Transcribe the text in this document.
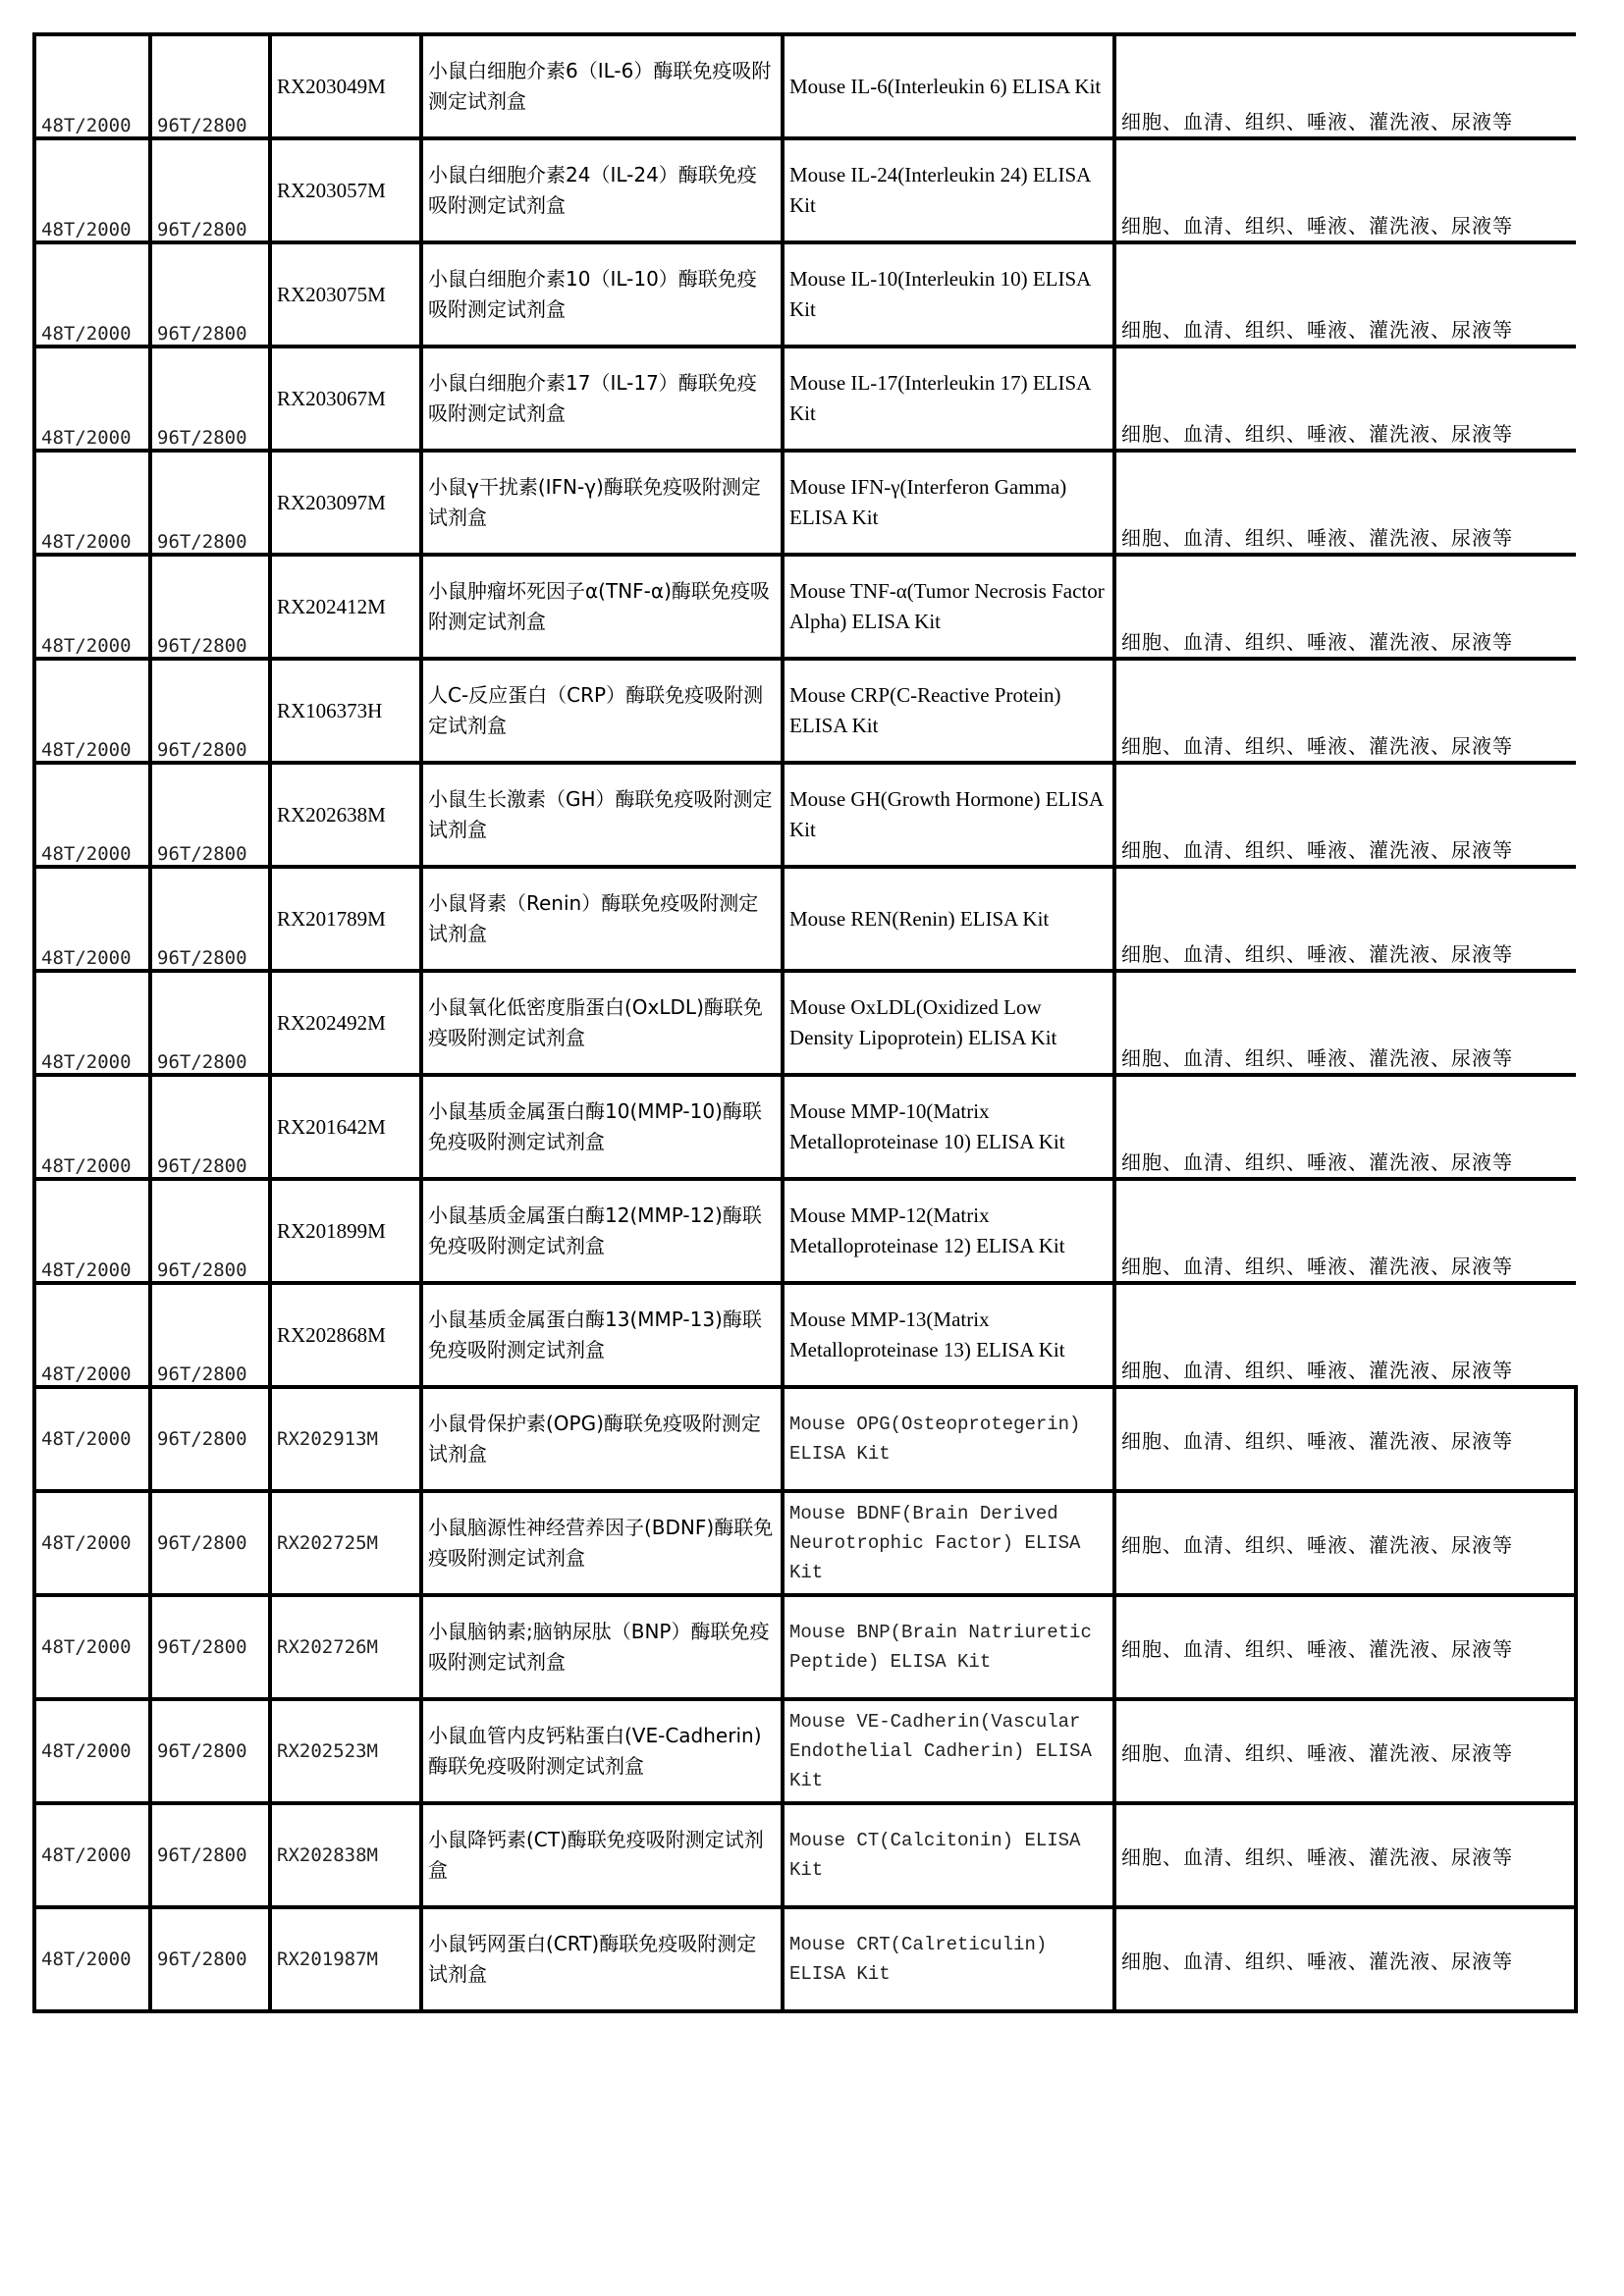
48T/2000	96T/2800	RX203049M	小鼠白细胞介素6（IL-6）酶联免疫吸附测定试剂盒	Mouse IL-6(Interleukin 6) ELISA Kit	细胞、血清、组织、唾液、灌洗液、尿液等
48T/2000	96T/2800	RX203057M	小鼠白细胞介素24（IL-24）酶联免疫吸附测定试剂盒	Mouse IL-24(Interleukin 24) ELISA Kit	细胞、血清、组织、唾液、灌洗液、尿液等
48T/2000	96T/2800	RX203075M	小鼠白细胞介素10（IL-10）酶联免疫吸附测定试剂盒	Mouse IL-10(Interleukin 10) ELISA Kit	细胞、血清、组织、唾液、灌洗液、尿液等
48T/2000	96T/2800	RX203067M	小鼠白细胞介素17（IL-17）酶联免疫吸附测定试剂盒	Mouse IL-17(Interleukin 17) ELISA Kit	细胞、血清、组织、唾液、灌洗液、尿液等
48T/2000	96T/2800	RX203097M	小鼠γ干扰素(IFN-γ)酶联免疫吸附测定试剂盒	Mouse IFN-γ(Interferon Gamma) ELISA Kit	细胞、血清、组织、唾液、灌洗液、尿液等
48T/2000	96T/2800	RX202412M	小鼠肿瘤坏死因子α(TNF-α)酶联免疫吸附测定试剂盒	Mouse TNF-α(Tumor Necrosis Factor Alpha) ELISA Kit	细胞、血清、组织、唾液、灌洗液、尿液等
48T/2000	96T/2800	RX106373H	人C-反应蛋白（CRP）酶联免疫吸附测定试剂盒	Mouse CRP(C-Reactive Protein) ELISA Kit	细胞、血清、组织、唾液、灌洗液、尿液等
48T/2000	96T/2800	RX202638M	小鼠生长激素（GH）酶联免疫吸附测定试剂盒	Mouse GH(Growth Hormone) ELISA Kit	细胞、血清、组织、唾液、灌洗液、尿液等
48T/2000	96T/2800	RX201789M	小鼠肾素（Renin）酶联免疫吸附测定试剂盒	Mouse REN(Renin) ELISA Kit	细胞、血清、组织、唾液、灌洗液、尿液等
48T/2000	96T/2800	RX202492M	小鼠氧化低密度脂蛋白(OxLDL)酶联免疫吸附测定试剂盒	Mouse OxLDL(Oxidized Low Density Lipoprotein) ELISA Kit	细胞、血清、组织、唾液、灌洗液、尿液等
48T/2000	96T/2800	RX201642M	小鼠基质金属蛋白酶10(MMP-10)酶联免疫吸附测定试剂盒	Mouse MMP-10(Matrix Metalloproteinase 10) ELISA Kit	细胞、血清、组织、唾液、灌洗液、尿液等
48T/2000	96T/2800	RX201899M	小鼠基质金属蛋白酶12(MMP-12)酶联免疫吸附测定试剂盒	Mouse MMP-12(Matrix Metalloproteinase 12) ELISA Kit	细胞、血清、组织、唾液、灌洗液、尿液等
48T/2000	96T/2800	RX202868M	小鼠基质金属蛋白酶13(MMP-13)酶联免疫吸附测定试剂盒	Mouse MMP-13(Matrix Metalloproteinase 13) ELISA Kit	细胞、血清、组织、唾液、灌洗液、尿液等
48T/2000	96T/2800	RX202913M	小鼠骨保护素(OPG)酶联免疫吸附测定试剂盒	Mouse OPG(Osteoprotegerin) ELISA Kit	细胞、血清、组织、唾液、灌洗液、尿液等
48T/2000	96T/2800	RX202725M	小鼠脑源性神经营养因子(BDNF)酶联免疫吸附测定试剂盒	Mouse BDNF(Brain Derived Neurotrophic Factor) ELISA Kit	细胞、血清、组织、唾液、灌洗液、尿液等
48T/2000	96T/2800	RX202726M	小鼠脑钠素;脑钠尿肽（BNP）酶联免疫吸附测定试剂盒	Mouse BNP(Brain Natriuretic Peptide) ELISA Kit	细胞、血清、组织、唾液、灌洗液、尿液等
48T/2000	96T/2800	RX202523M	小鼠血管内皮钙粘蛋白(VE-Cadherin)酶联免疫吸附测定试剂盒	Mouse VE-Cadherin(Vascular Endothelial Cadherin) ELISA Kit	细胞、血清、组织、唾液、灌洗液、尿液等
48T/2000	96T/2800	RX202838M	小鼠降钙素(CT)酶联免疫吸附测定试剂盒	Mouse CT(Calcitonin) ELISA Kit	细胞、血清、组织、唾液、灌洗液、尿液等
48T/2000	96T/2800	RX201987M	小鼠钙网蛋白(CRT)酶联免疫吸附测定试剂盒	Mouse CRT(Calreticulin) ELISA Kit	细胞、血清、组织、唾液、灌洗液、尿液等
